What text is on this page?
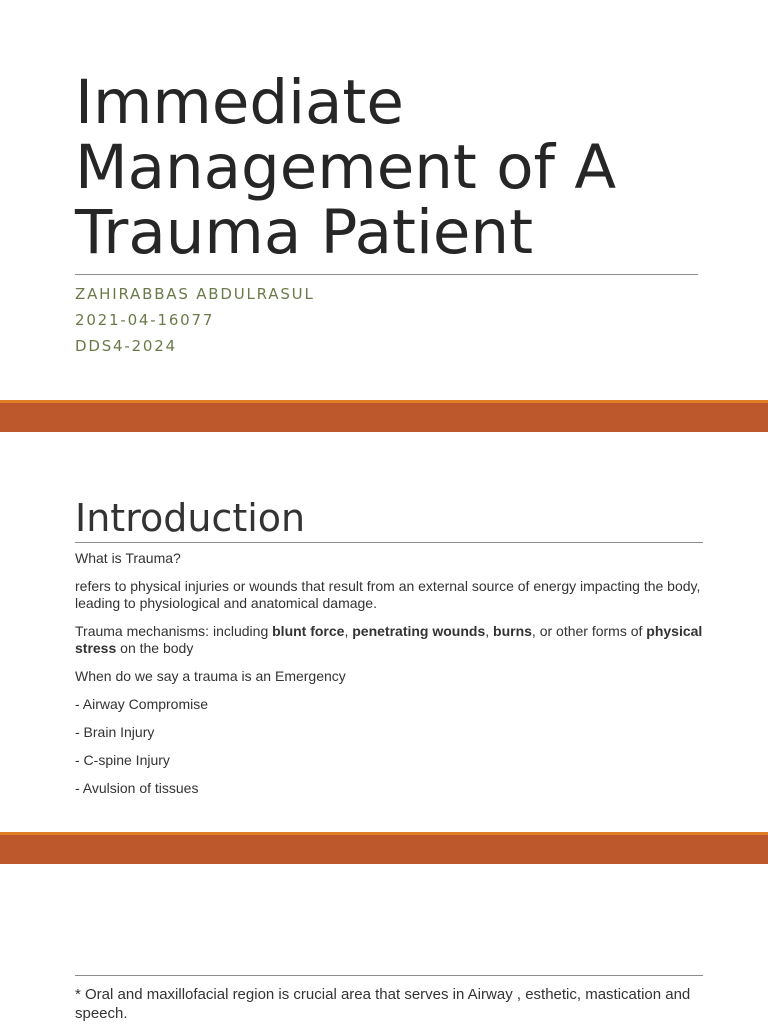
Immediate Management of A Trauma Patient
ZAHIRABBAS ABDULRASUL
2021-04-16077
DDS4-2024
Introduction

What is Trauma?

refers to physical injuries or wounds that result from an external source of energy impacting the body, leading to physiological and anatomical damage.

Trauma mechanisms: including blunt force, penetrating wounds, burns, or other forms of physical stress on the body

When do we say a trauma is an Emergency

- Airway Compromise

- Brain Injury

- C-spine Injury

- Avulsion of tissues

* Oral and maxillofacial region is crucial area that serves in Airway , esthetic, mastication and speech.
